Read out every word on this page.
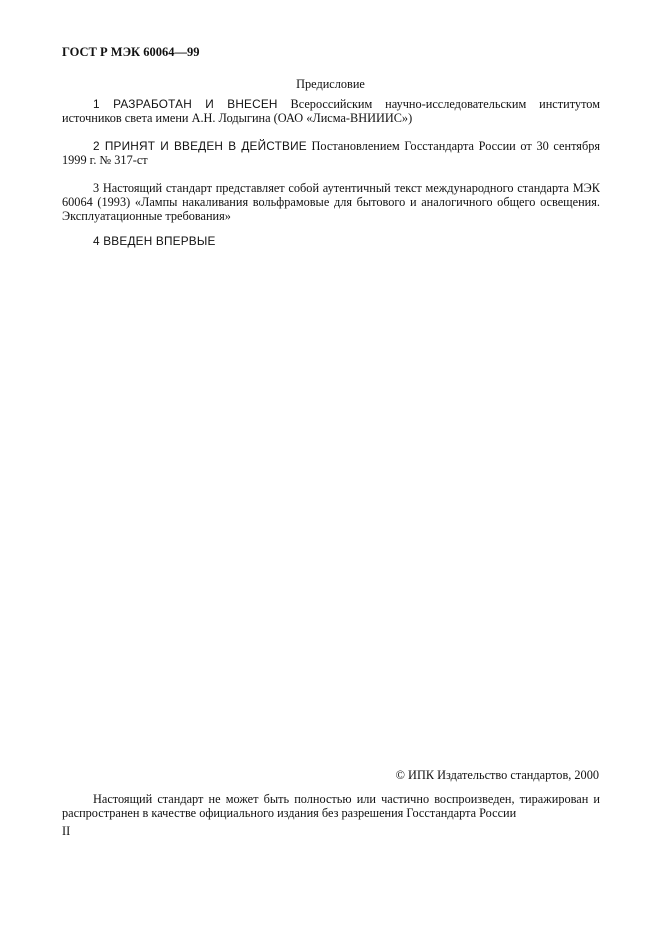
ГОСТ Р МЭК 60064—99
Предисловие
1 РАЗРАБОТАН И ВНЕСЕН Всероссийским научно-исследовательским институтом источников света имени А.Н. Лодыгина (ОАО «Лисма-ВНИИИС»)
2 ПРИНЯТ И ВВЕДЕН В ДЕЙСТВИЕ Постановлением Госстандарта России от 30 сентября 1999 г. № 317-ст
3 Настоящий стандарт представляет собой аутентичный текст международного стандарта МЭК 60064 (1993) «Лампы накаливания вольфрамовые для бытового и аналогичного общего освещения. Эксплуатационные требования»
4 ВВЕДЕН ВПЕРВЫЕ
© ИПК Издательство стандартов, 2000
Настоящий стандарт не может быть полностью или частично воспроизведен, тиражирован и распространен в качестве официального издания без разрешения Госстандарта России
II
